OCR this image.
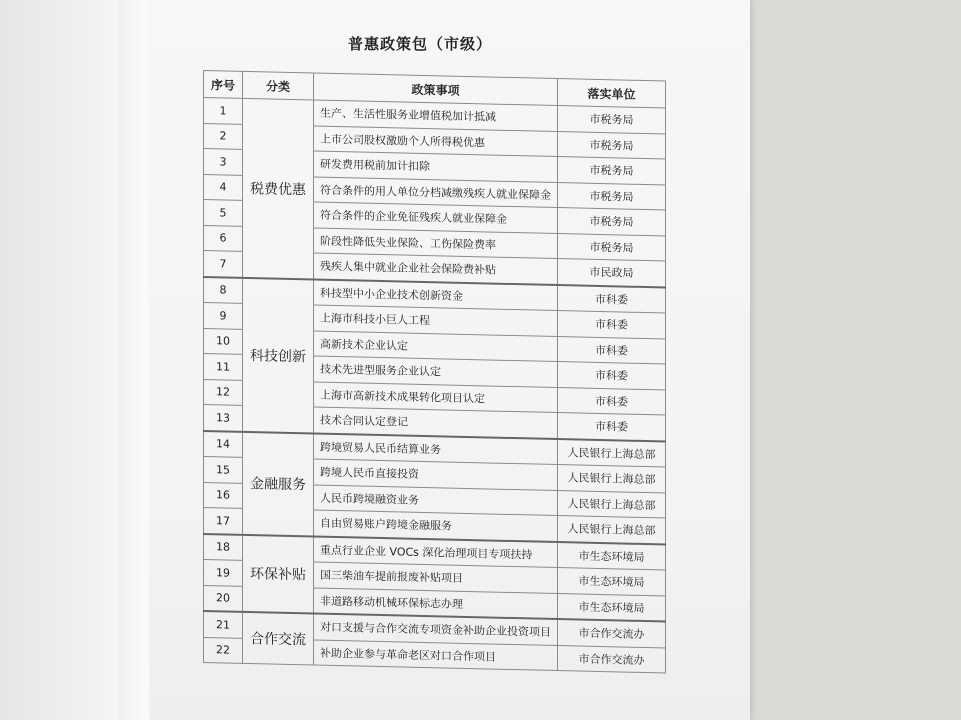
普惠政策包（市级）
序号	分类	政策事项	落实单位
1	税费优惠	生产、生活性服务业增值税加计抵减	市税务局
2		上市公司股权激励个人所得税优惠	市税务局
3		研发费用税前加计扣除	市税务局
4		符合条件的用人单位分档减缴残疾人就业保障金	市税务局
5		符合条件的企业免征残疾人就业保障金	市税务局
6		阶段性降低失业保险、工伤保险费率	市税务局
7		残疾人集中就业企业社会保险费补贴	市民政局
8	科技创新	科技型中小企业技术创新资金	市科委
9		上海市科技小巨人工程	市科委
10		高新技术企业认定	市科委
11		技术先进型服务企业认定	市科委
12		上海市高新技术成果转化项目认定	市科委
13		技术合同认定登记	市科委
14	金融服务	跨境贸易人民币结算业务	人民银行上海总部
15		跨境人民币直接投资	人民银行上海总部
16		人民币跨境融资业务	人民银行上海总部
17		自由贸易账户跨境金融服务	人民银行上海总部
18	环保补贴	重点行业企业 VOCs 深化治理项目专项扶持	市生态环境局
19		国三柴油车提前报废补贴项目	市生态环境局
20		非道路移动机械环保标志办理	市生态环境局
21	合作交流	对口支援与合作交流专项资金补助企业投资项目	市合作交流办
22		补助企业参与革命老区对口合作项目	市合作交流办
